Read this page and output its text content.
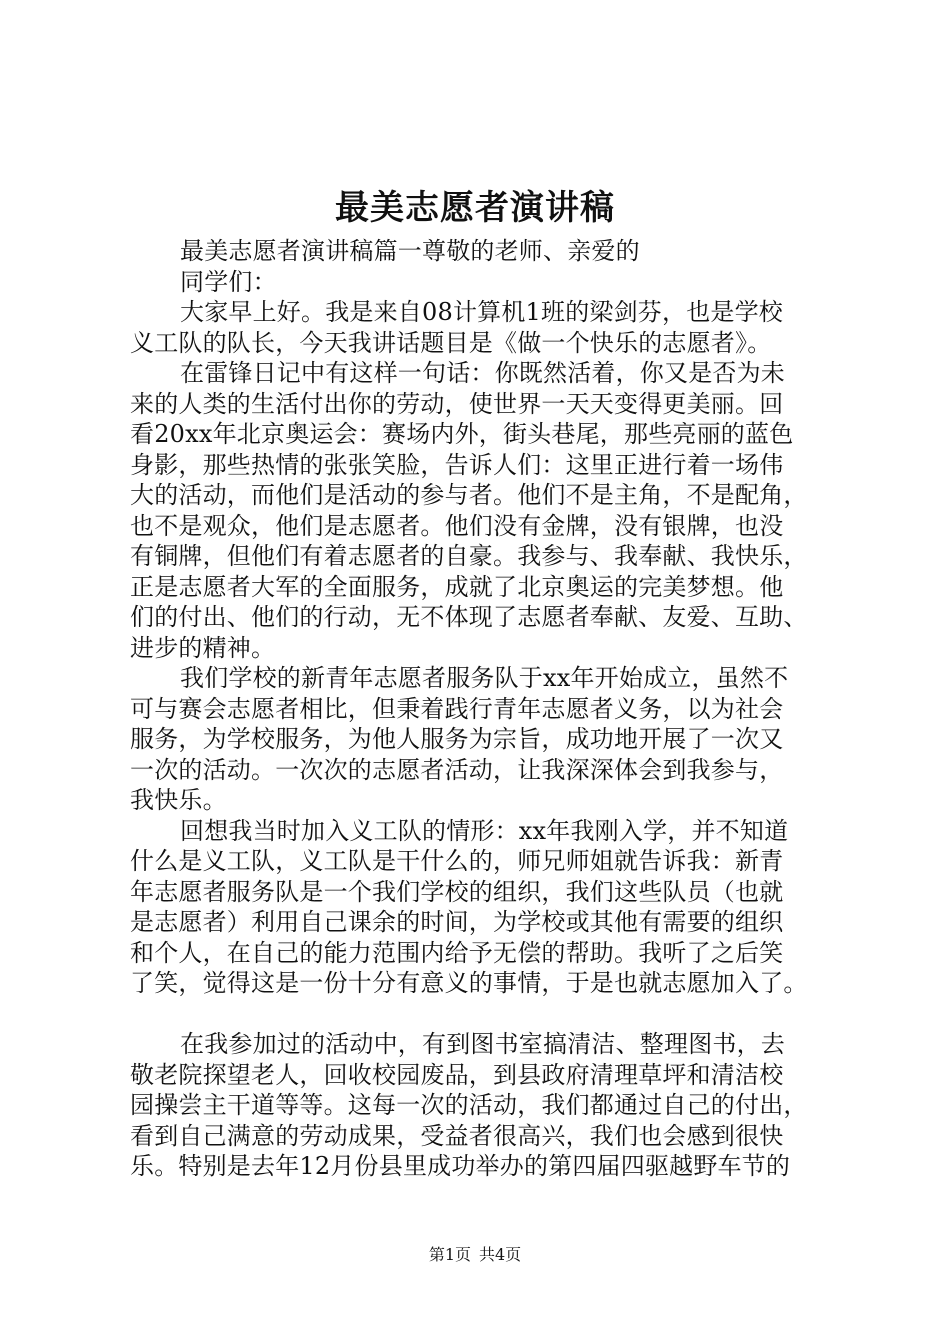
最美志愿者演讲稿
最美志愿者演讲稿篇一尊敬的老师、亲爱的
同学们：
大家早上好。我是来自08计算机1班的梁剑芬，也是学校
义工队的队长，今天我讲话题目是《做一个快乐的志愿者》。
在雷锋日记中有这样一句话：你既然活着，你又是否为未
来的人类的生活付出你的劳动，使世界一天天变得更美丽。回
看20xx年北京奥运会：赛场内外，街头巷尾，那些亮丽的蓝色
身影，那些热情的张张笑脸，告诉人们：这里正进行着一场伟
大的活动，而他们是活动的参与者。他们不是主角，不是配角，
也不是观众，他们是志愿者。他们没有金牌，没有银牌，也没
有铜牌，但他们有着志愿者的自豪。我参与、我奉献、我快乐，
正是志愿者大军的全面服务，成就了北京奥运的完美梦想。他
们的付出、他们的行动，无不体现了志愿者奉献、友爱、互助、
进步的精神。
我们学校的新青年志愿者服务队于xx年开始成立，虽然不
可与赛会志愿者相比，但秉着践行青年志愿者义务，以为社会
服务，为学校服务，为他人服务为宗旨，成功地开展了一次又
一次的活动。一次次的志愿者活动，让我深深体会到我参与，
我快乐。
回想我当时加入义工队的情形：xx年我刚入学，并不知道
什么是义工队，义工队是干什么的，师兄师姐就告诉我：新青
年志愿者服务队是一个我们学校的组织，我们这些队员（也就
是志愿者）利用自己课余的时间，为学校或其他有需要的组织
和个人，在自己的能力范围内给予无偿的帮助。我听了之后笑
了笑，觉得这是一份十分有意义的事情，于是也就志愿加入了。
在我参加过的活动中，有到图书室搞清洁、整理图书，去
敬老院探望老人，回收校园废品，到县政府清理草坪和清洁校
园操尝主干道等等。这每一次的活动，我们都通过自己的付出，
看到自己满意的劳动成果，受益者很高兴，我们也会感到很快
乐。特别是去年12月份县里成功举办的第四届四驱越野车节的
第1页 共4页
